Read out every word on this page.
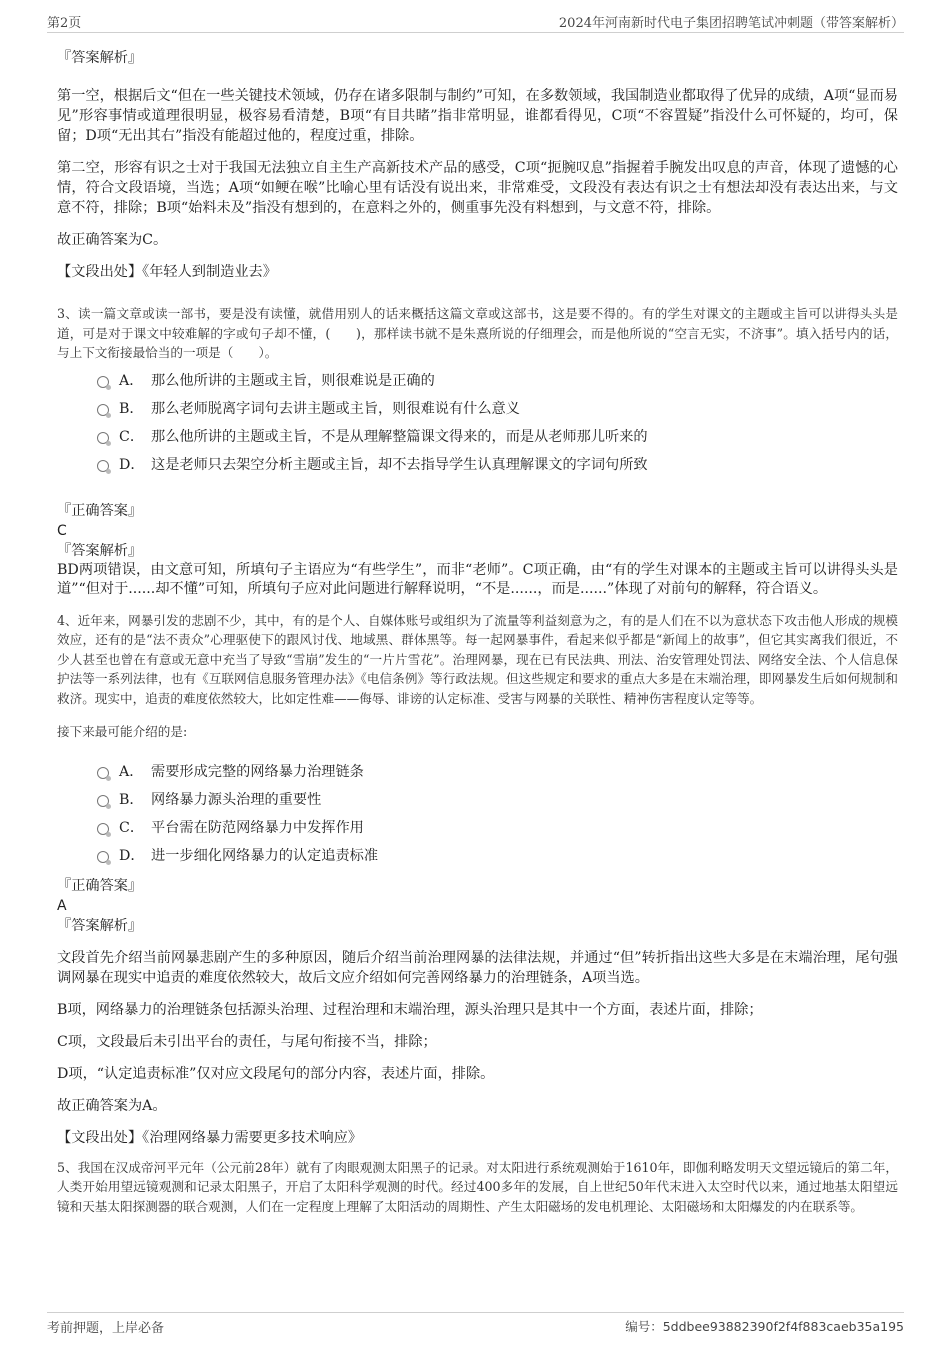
第2页	2024年河南新时代电子集团招聘笔试冲刺题（带答案解析）

『答案解析』

第一空，根据后文“但在一些关键技术领域，仍存在诸多限制与制约”可知，在多数领域，我国制造业都取得了优异的成绩，A项“显而易见”形容事情或道理很明显，极容易看清楚，B项“有目共睹”指非常明显，谁都看得见，C项“不容置疑”指没什么可怀疑的，均可，保留；D项“无出其右”指没有能超过他的，程度过重，排除。

第二空，形容有识之士对于我国无法独立自主生产高新技术产品的感受，C项“扼腕叹息”指握着手腕发出叹息的声音，体现了遗憾的心情，符合文段语境，当选；A项“如鲠在喉”比喻心里有话没有说出来，非常难受，文段没有表达有识之士有想法却没有表达出来，与文意不符，排除；B项“始料未及”指没有想到的，在意料之外的，侧重事先没有料想到，与文意不符，排除。

故正确答案为C。

【文段出处】《年轻人到制造业去》

3、读一篇文章或读一部书，要是没有读懂，就借用别人的话来概括这篇文章或这部书，这是要不得的。有的学生对课文的主题或主旨可以讲得头头是道，可是对于课文中较难解的字或句子却不懂，(　　)，那样读书就不是朱熹所说的仔细理会，而是他所说的“空言无实，不济事”。填入括号内的话，与上下文衔接最恰当的一项是（　　）。

A． 那么他所讲的主题或主旨，则很难说是正确的
B． 那么老师脱离字词句去讲主题或主旨，则很难说有什么意义
C． 那么他所讲的主题或主旨，不是从理解整篇课文得来的，而是从老师那儿听来的
D． 这是老师只去架空分析主题或主旨，却不去指导学生认真理解课文的字词句所致

『正确答案』

C

『答案解析』

BD两项错误，由文意可知，所填句子主语应为“有些学生”，而非“老师”。C项正确，由“有的学生对课本的主题或主旨可以讲得头头是道”“但对于......却不懂”可知，所填句子应对此问题进行解释说明，“不是......，而是......”体现了对前句的解释，符合语义。

4、近年来，网暴引发的悲剧不少，其中，有的是个人、自媒体账号或组织为了流量等利益刻意为之，有的是人们在不以为意状态下攻击他人形成的规模效应，还有的是“法不责众”心理驱使下的跟风讨伐、地域黑、群体黑等。每一起网暴事件，看起来似乎都是“新闻上的故事”，但它其实离我们很近，不少人甚至也曾在有意或无意中充当了导致“雪崩”发生的“一片片雪花”。治理网暴，现在已有民法典、刑法、治安管理处罚法、网络安全法、个人信息保护法等一系列法律，也有《互联网信息服务管理办法》《电信条例》等行政法规。但这些规定和要求的重点大多是在末端治理，即网暴发生后如何规制和救济。现实中，追责的难度依然较大，比如定性难——侮辱、诽谤的认定标准、受害与网暴的关联性、精神伤害程度认定等等。

接下来最可能介绍的是:

A． 需要形成完整的网络暴力治理链条
B． 网络暴力源头治理的重要性
C． 平台需在防范网络暴力中发挥作用
D． 进一步细化网络暴力的认定追责标准

『正确答案』

A

『答案解析』

文段首先介绍当前网暴悲剧产生的多种原因，随后介绍当前治理网暴的法律法规，并通过“但”转折指出这些大多是在末端治理，尾句强调网暴在现实中追责的难度依然较大，故后文应介绍如何完善网络暴力的治理链条，A项当选。

B项，网络暴力的治理链条包括源头治理、过程治理和末端治理，源头治理只是其中一个方面，表述片面，排除；

C项，文段最后未引出平台的责任，与尾句衔接不当，排除；

D项，“认定追责标准”仅对应文段尾句的部分内容，表述片面，排除。

故正确答案为A。

【文段出处】《治理网络暴力需要更多技术响应》

5、我国在汉成帝河平元年（公元前28年）就有了肉眼观测太阳黑子的记录。对太阳进行系统观测始于1610年，即伽利略发明天文望远镜后的第二年，人类开始用望远镜观测和记录太阳黑子，开启了太阳科学观测的时代。经过400多年的发展，自上世纪50年代末进入太空时代以来，通过地基太阳望远镜和天基太阳探测器的联合观测，人们在一定程度上理解了太阳活动的周期性、产生太阳磁场的发电机理论、太阳磁场和太阳爆发的内在联系等。

考前押题，上岸必备	编号：5ddbee93882390f2f4f883caeb35a195
